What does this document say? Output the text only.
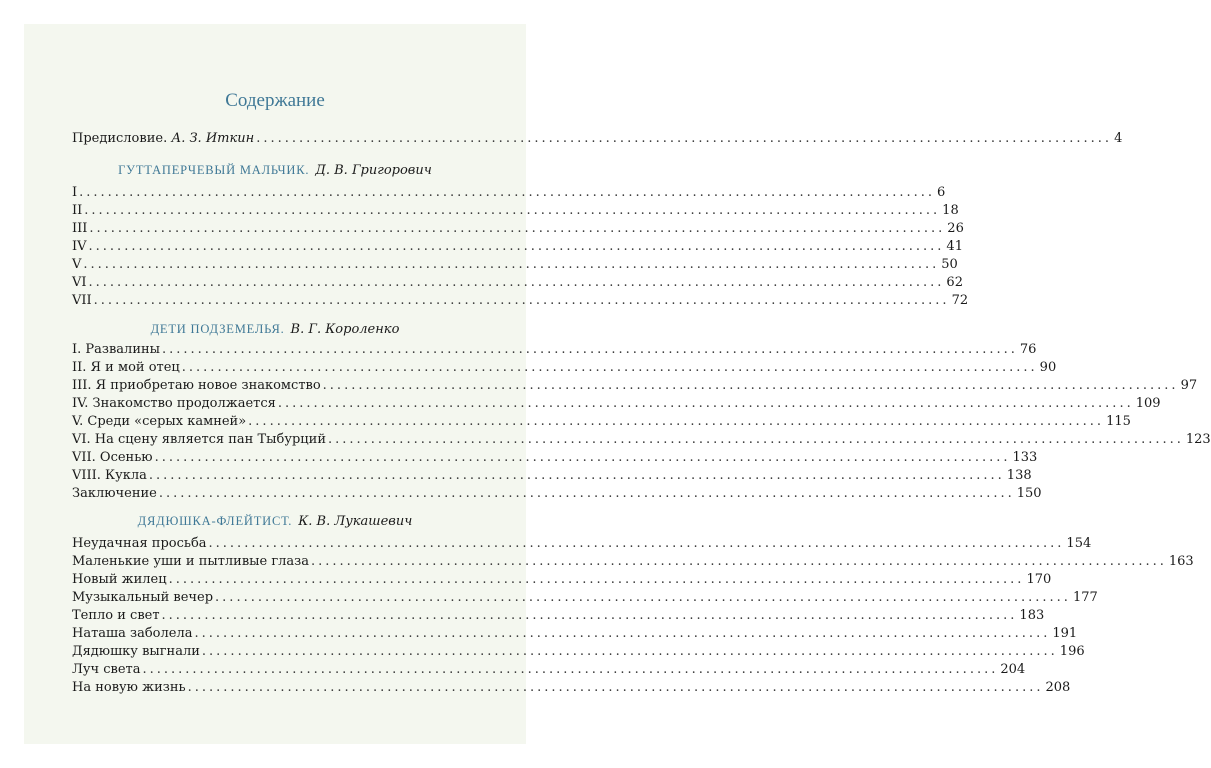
Содержание
Предисловие. А. З. Иткин ........................................................................................................................ 4
ГУТТАПЕРЧЕВЫЙ МАЛЬЧИК. Д. В. Григорович
I ........................................................................................................................ 6
II ........................................................................................................................ 18
III ........................................................................................................................ 26
IV ........................................................................................................................ 41
V ........................................................................................................................ 50
VI ........................................................................................................................ 62
VII ........................................................................................................................ 72
ДЕТИ ПОДЗЕМЕЛЬЯ. В. Г. Короленко
I. Развалины ........................................................................................................................ 76
II. Я и мой отец ........................................................................................................................ 90
III. Я приобретаю новое знакомство ........................................................................................................................ 97
IV. Знакомство продолжается ........................................................................................................................ 109
V. Среди «серых камней» ........................................................................................................................ 115
VI. На сцену является пан Тыбурций ........................................................................................................................ 123
VII. Осенью ........................................................................................................................ 133
VIII. Кукла ........................................................................................................................ 138
Заключение ........................................................................................................................ 150
ДЯДЮШКА-ФЛЕЙТИСТ. К. В. Лукашевич
Неудачная просьба ........................................................................................................................ 154
Маленькие уши и пытливые глаза ........................................................................................................................ 163
Новый жилец ........................................................................................................................ 170
Музыкальный вечер ........................................................................................................................ 177
Тепло и свет ........................................................................................................................ 183
Наташа заболела ........................................................................................................................ 191
Дядюшку выгнали ........................................................................................................................ 196
Луч света ........................................................................................................................ 204
На новую жизнь ........................................................................................................................ 208
